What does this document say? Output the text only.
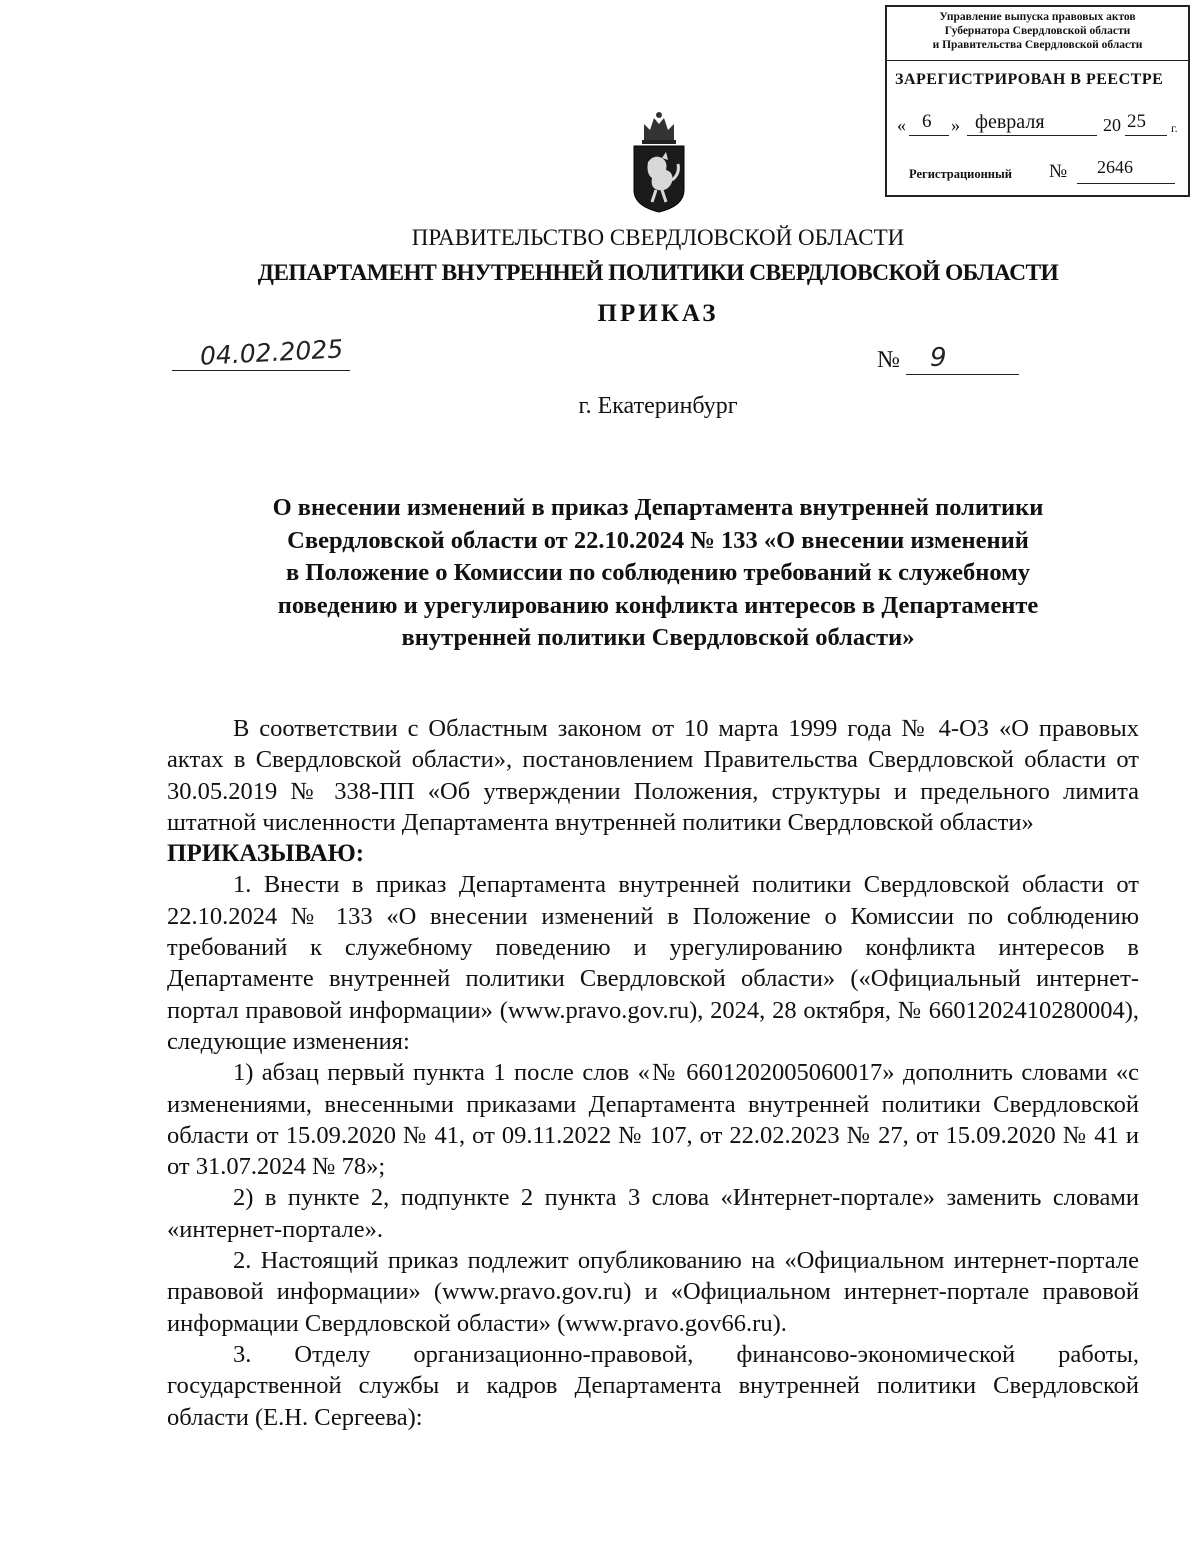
Управление выпуска правовых актов
Губернатора Свердловской области
и Правительства Свердловской области
ЗАРЕГИСТРИРОВАН В РЕЕСТРЕ
« 6 » февраля	20 25 г.
Регистрационный № 2646
ПРАВИТЕЛЬСТВО СВЕРДЛОВСКОЙ ОБЛАСТИ
ДЕПАРТАМЕНТ ВНУТРЕННЕЙ ПОЛИТИКИ СВЕРДЛОВСКОЙ ОБЛАСТИ
ПРИКАЗ
04.02.2025	№ 9
г. Екатеринбург
О внесении изменений в приказ Департамента внутренней политики
Свердловской области от 22.10.2024 № 133 «О внесении изменений
в Положение о Комиссии по соблюдению требований к служебному
поведению и урегулированию конфликта интересов в Департаменте
внутренней политики Свердловской области»

В соответствии с Областным законом от 10 марта 1999 года № 4-ОЗ «О правовых актах в Свердловской области», постановлением Правительства Свердловской области от 30.05.2019 № 338-ПП «Об утверждении Положения, структуры и предельного лимита штатной численности Департамента внутренней политики Свердловской области»

ПРИКАЗЫВАЮ:

1. Внести в приказ Департамента внутренней политики Свердловской области от 22.10.2024 № 133 «О внесении изменений в Положение о Комиссии по соблюдению требований к служебному поведению и урегулированию конфликта интересов в Департаменте внутренней политики Свердловской области» («Официальный интернет-портал правовой информации» (www.pravo.gov.ru), 2024, 28 октября, № 6601202410280004), следующие изменения:

1) абзац первый пункта 1 после слов «№ 6601202005060017» дополнить словами «с изменениями, внесенными приказами Департамента внутренней политики Свердловской области от 15.09.2020 № 41, от 09.11.2022 № 107, от 22.02.2023 № 27, от 15.09.2020 № 41 и от 31.07.2024 № 78»;

2) в пункте 2, подпункте 2 пункта 3 слова «Интернет-портале» заменить словами «интернет-портале».

2. Настоящий приказ подлежит опубликованию на «Официальном интернет-портале правовой информации» (www.pravo.gov.ru) и «Официальном интернет-портале правовой информации Свердловской области» (www.pravo.gov66.ru).

3. Отделу организационно-правовой, финансово-экономической работы, государственной службы и кадров Департамента внутренней политики Свердловской области (Е.Н. Сергеева):
